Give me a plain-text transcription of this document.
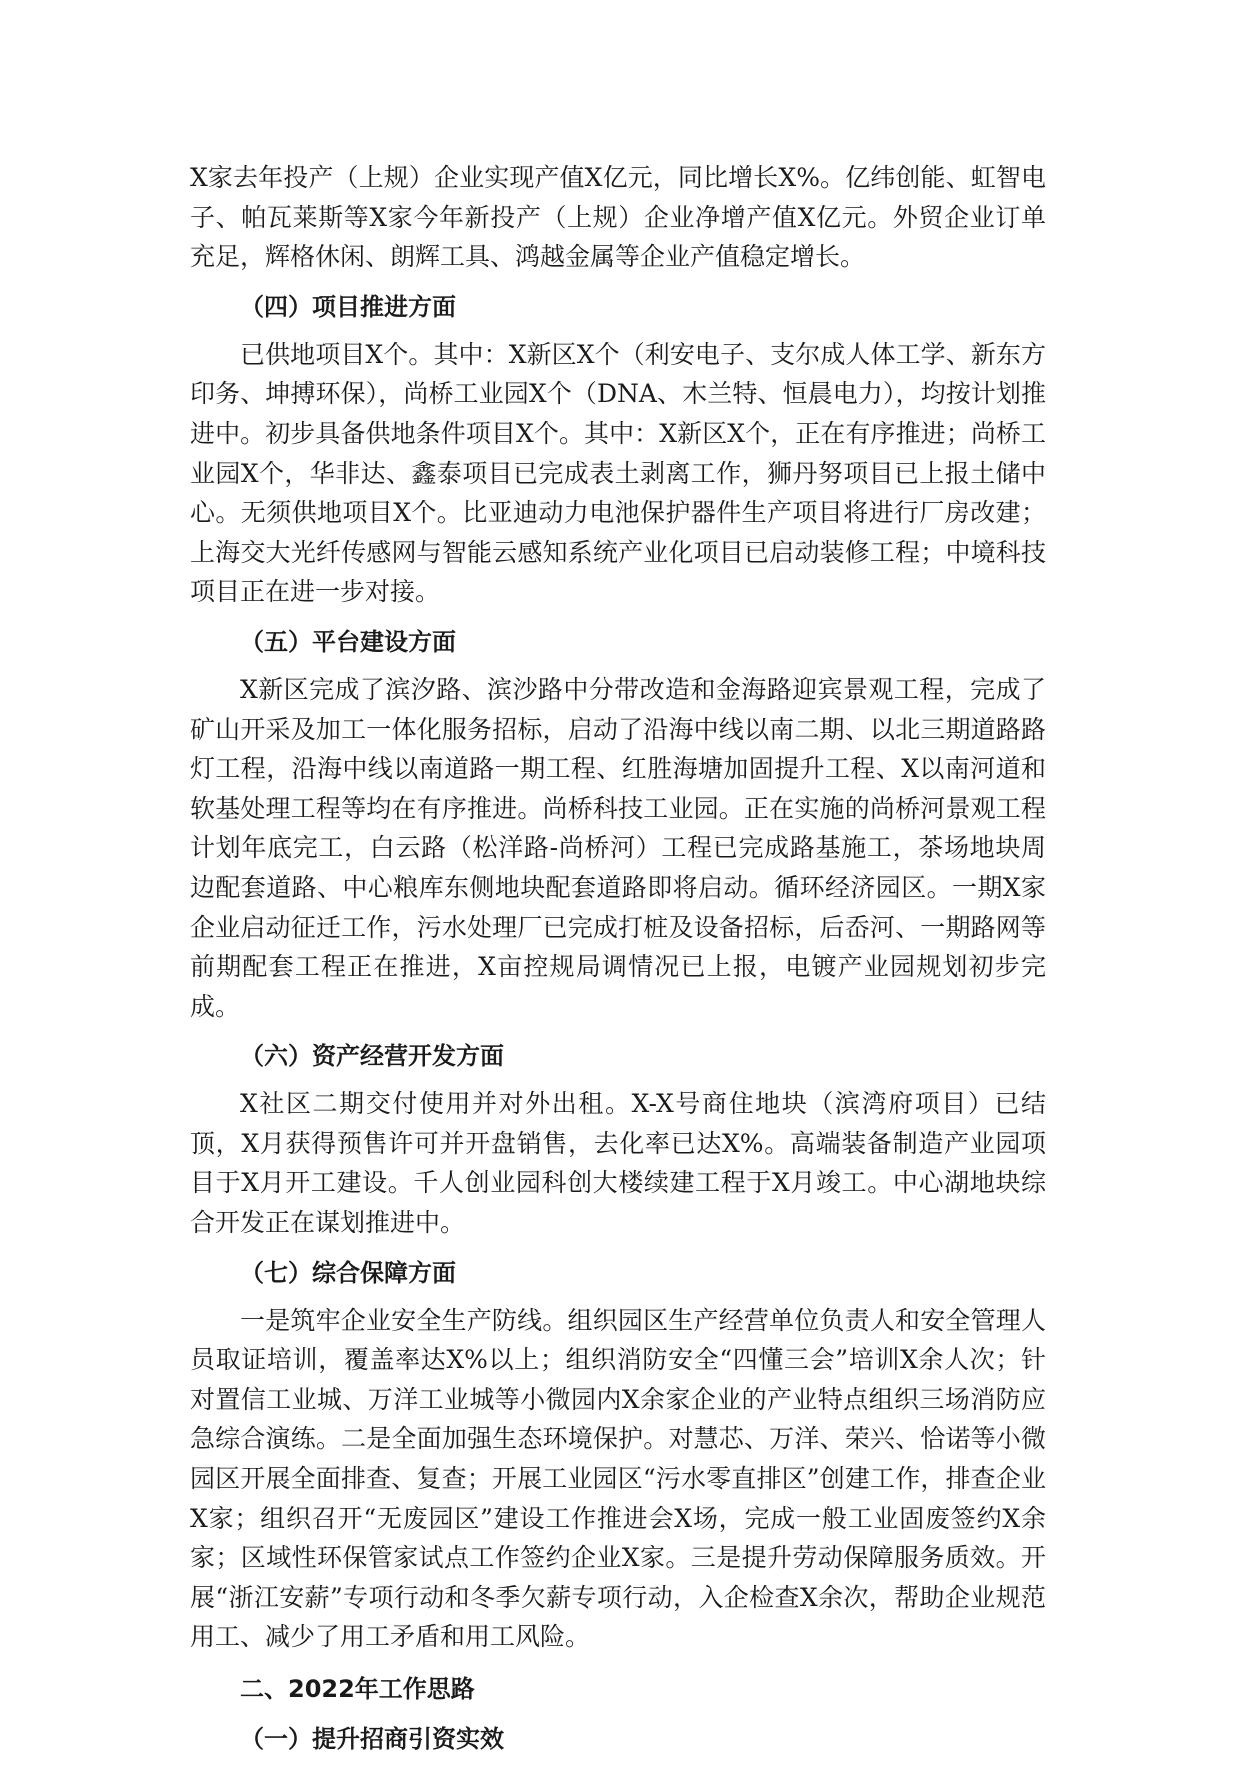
X家去年投产（上规）企业实现产值X亿元，同比增长X%。亿纬创能、虹智电子、帕瓦莱斯等X家今年新投产（上规）企业净增产值X亿元。外贸企业订单充足，辉格休闲、朗辉工具、鸿越金属等企业产值稳定增长。

（四）项目推进方面

已供地项目X个。其中：X新区X个（利安电子、支尔成人体工学、新东方印务、坤搏环保），尚桥工业园X个（DNA、木兰特、恒晨电力），均按计划推进中。初步具备供地条件项目X个。其中：X新区X个，正在有序推进；尚桥工业园X个，华非达、鑫泰项目已完成表土剥离工作，狮丹努项目已上报土储中心。无须供地项目X个。比亚迪动力电池保护器件生产项目将进行厂房改建；上海交大光纤传感网与智能云感知系统产业化项目已启动装修工程；中境科技项目正在进一步对接。

（五）平台建设方面

X新区完成了滨汐路、滨沙路中分带改造和金海路迎宾景观工程，完成了矿山开采及加工一体化服务招标，启动了沿海中线以南二期、以北三期道路路灯工程，沿海中线以南道路一期工程、红胜海塘加固提升工程、X以南河道和软基处理工程等均在有序推进。尚桥科技工业园。正在实施的尚桥河景观工程计划年底完工，白云路（松洋路-尚桥河）工程已完成路基施工，茶场地块周边配套道路、中心粮库东侧地块配套道路即将启动。循环经济园区。一期X家企业启动征迁工作，污水处理厂已完成打桩及设备招标，后岙河、一期路网等前期配套工程正在推进，X亩控规局调情况已上报，电镀产业园规划初步完成。

（六）资产经营开发方面

X社区二期交付使用并对外出租。X-X号商住地块（滨湾府项目）已结顶，X月获得预售许可并开盘销售，去化率已达X%。高端装备制造产业园项目于X月开工建设。千人创业园科创大楼续建工程于X月竣工。中心湖地块综合开发正在谋划推进中。

（七）综合保障方面

一是筑牢企业安全生产防线。组织园区生产经营单位负责人和安全管理人员取证培训，覆盖率达X%以上；组织消防安全“四懂三会”培训X余人次；针对置信工业城、万洋工业城等小微园内X余家企业的产业特点组织三场消防应急综合演练。二是全面加强生态环境保护。对慧芯、万洋、荣兴、恰诺等小微园区开展全面排查、复查；开展工业园区“污水零直排区”创建工作，排查企业X家；组织召开“无废园区”建设工作推进会X场，完成一般工业固废签约X余家；区域性环保管家试点工作签约企业X家。三是提升劳动保障服务质效。开展“浙江安薪”专项行动和冬季欠薪专项行动，入企检查X余次，帮助企业规范用工、减少了用工矛盾和用工风险。

二、2022年工作思路
（一）提升招商引资实效
